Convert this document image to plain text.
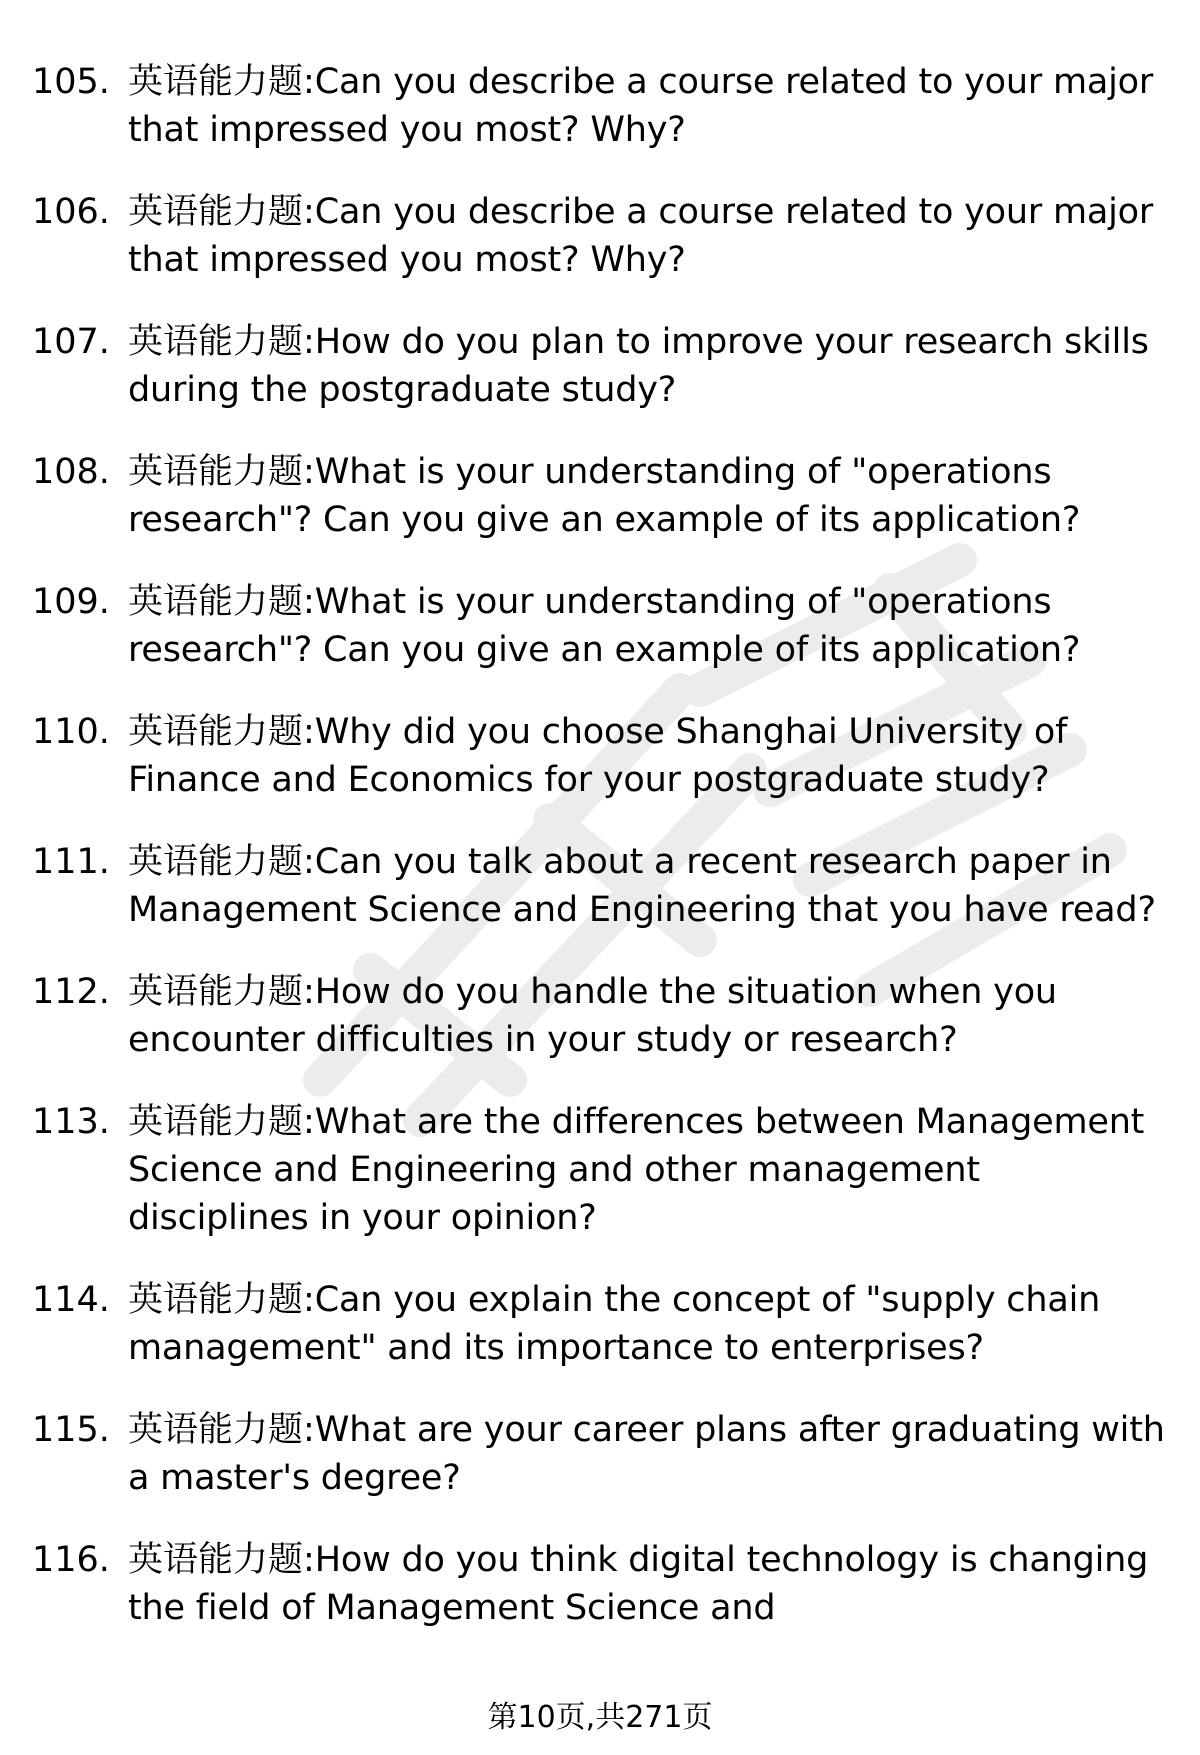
105. 英语能力题:Can you describe a course related to your major that impressed you most? Why?
106. 英语能力题:Can you describe a course related to your major that impressed you most? Why?
107. 英语能力题:How do you plan to improve your research skills during the postgraduate study?
108. 英语能力题:What is your understanding of "operations research"? Can you give an example of its application?
109. 英语能力题:What is your understanding of "operations research"? Can you give an example of its application?
110. 英语能力题:Why did you choose Shanghai University of Finance and Economics for your postgraduate study?
111. 英语能力题:Can you talk about a recent research paper in Management Science and Engineering that you have read?
112. 英语能力题:How do you handle the situation when you encounter difficulties in your study or research?
113. 英语能力题:What are the differences between Management Science and Engineering and other management disciplines in your opinion?
114. 英语能力题:Can you explain the concept of "supply chain management" and its importance to enterprises?
115. 英语能力题:What are your career plans after graduating with a master's degree?
116. 英语能力题:How do you think digital technology is changing the field of Management Science and
第10页,共271页
